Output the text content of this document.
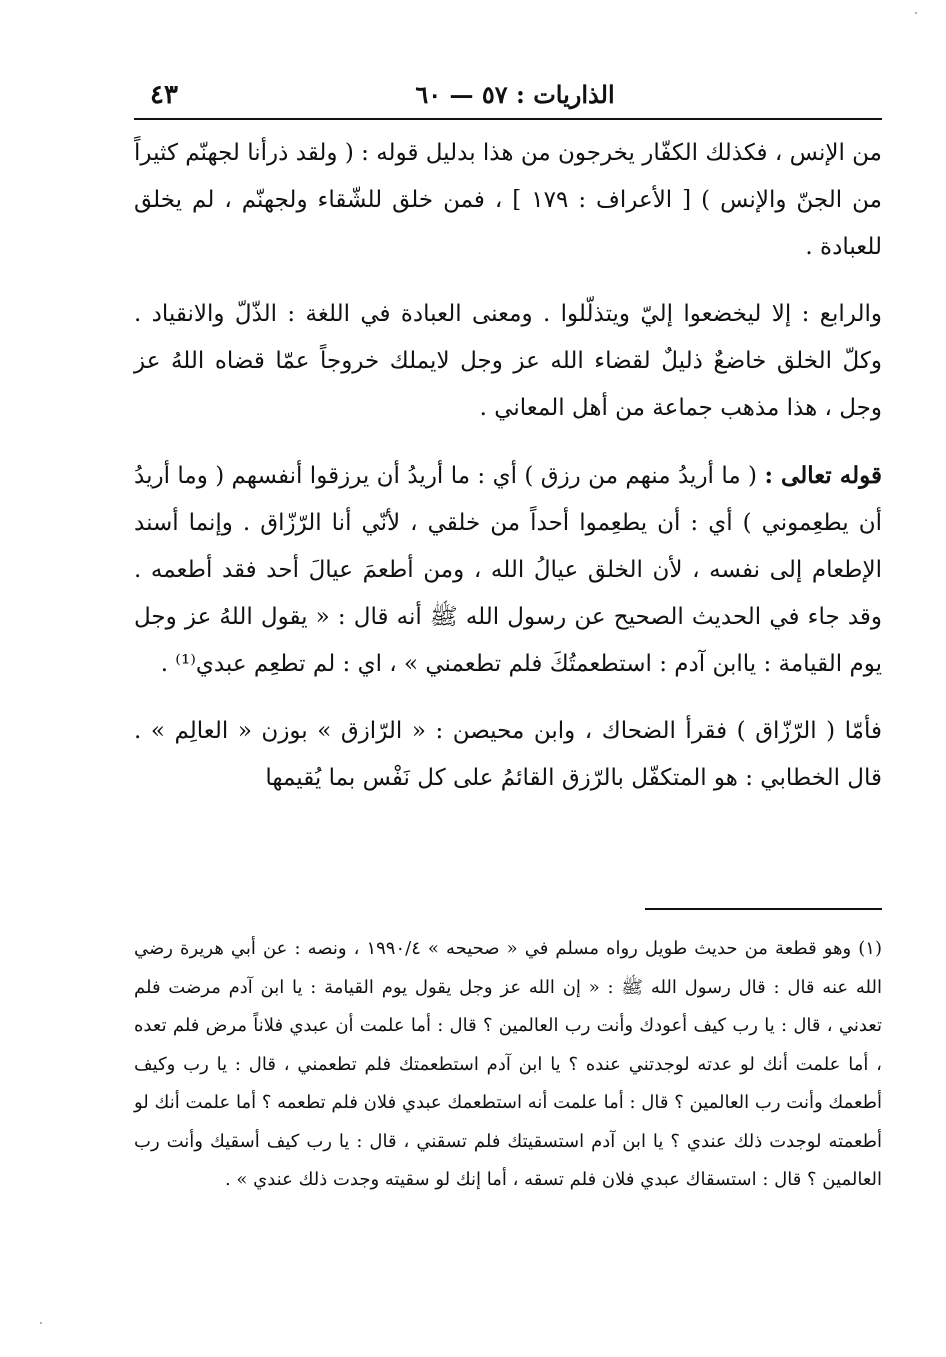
٤٣	الذاريات : ٥٧ — ٦٠

من الإنس ، فكذلك الكفّار يخرجون من هذا بدليل قوله : ( ولقد ذرأنا لجهنّم كثيراً من الجنّ والإنس ) [ الأعراف : ١٧٩ ] ، فمن خلق للشّقاء ولجهنّم ، لم يخلق للعبادة .

والرابع : إلا ليخضعوا إليّ ويتذلّلوا . ومعنى العبادة في اللغة : الذّلّ والانقياد . وكلّ الخلق خاضعٌ ذليلٌ لقضاء الله عز وجل لايملك خروجاً عمّا قضاه اللهُ عز وجل ، هذا مذهب جماعة من أهل المعاني .

قوله تعالى : ( ما أريدُ منهم من رزق ) أي : ما أريدُ أن يرزقوا أنفسهم ( وما أريدُ أن يطعِموني ) أي : أن يطعِموا أحداً من خلقي ، لأنّي أنا الرّزّاق . وإنما أسند الإطعام إلى نفسه ، لأن الخلق عيالُ الله ، ومن أطعمَ عيالَ أحد فقد أطعمه . وقد جاء في الحديث الصحيح عن رسول الله ﷺ أنه قال : « يقول اللهُ عز وجل يوم القيامة : ياابن آدم : استطعمتُكَ فلم تطعمني » ، اي : لم تطعِم عبدي⁽¹⁾ .

فأمّا ( الرّزّاق ) فقرأ الضحاك ، وابن محيصن : « الرّازق » بوزن « العالِم » . قال الخطابي : هو المتكفّل بالرّزق القائمُ على كل نَفْس بما يُقيمها

(١) وهو قطعة من حديث طويل رواه مسلم في « صحيحه » ١٩٩٠/٤ ، ونصه : عن أبي هريرة رضي الله عنه قال : قال رسول الله ﷺ : « إن الله عز وجل يقول يوم القيامة : يا ابن آدم مرضت فلم تعدني ، قال : يا رب كيف أعودك وأنت رب العالمين ؟ قال : أما علمت أن عبدي فلاناً مرض فلم تعده ، أما علمت أنك لو عدته لوجدتني عنده ؟ يا ابن آدم استطعمتك فلم تطعمني ، قال : يا رب وكيف أطعمك وأنت رب العالمين ؟ قال : أما علمت أنه استطعمك عبدي فلان فلم تطعمه ؟ أما علمت أنك لو أطعمته لوجدت ذلك عندي ؟ يا ابن آدم استسقيتك فلم تسقني ، قال : يا رب كيف أسقيك وأنت رب العالمين ؟ قال : استسقاك عبدي فلان فلم تسقه ، أما إنك لو سقيته وجدت ذلك عندي » .
